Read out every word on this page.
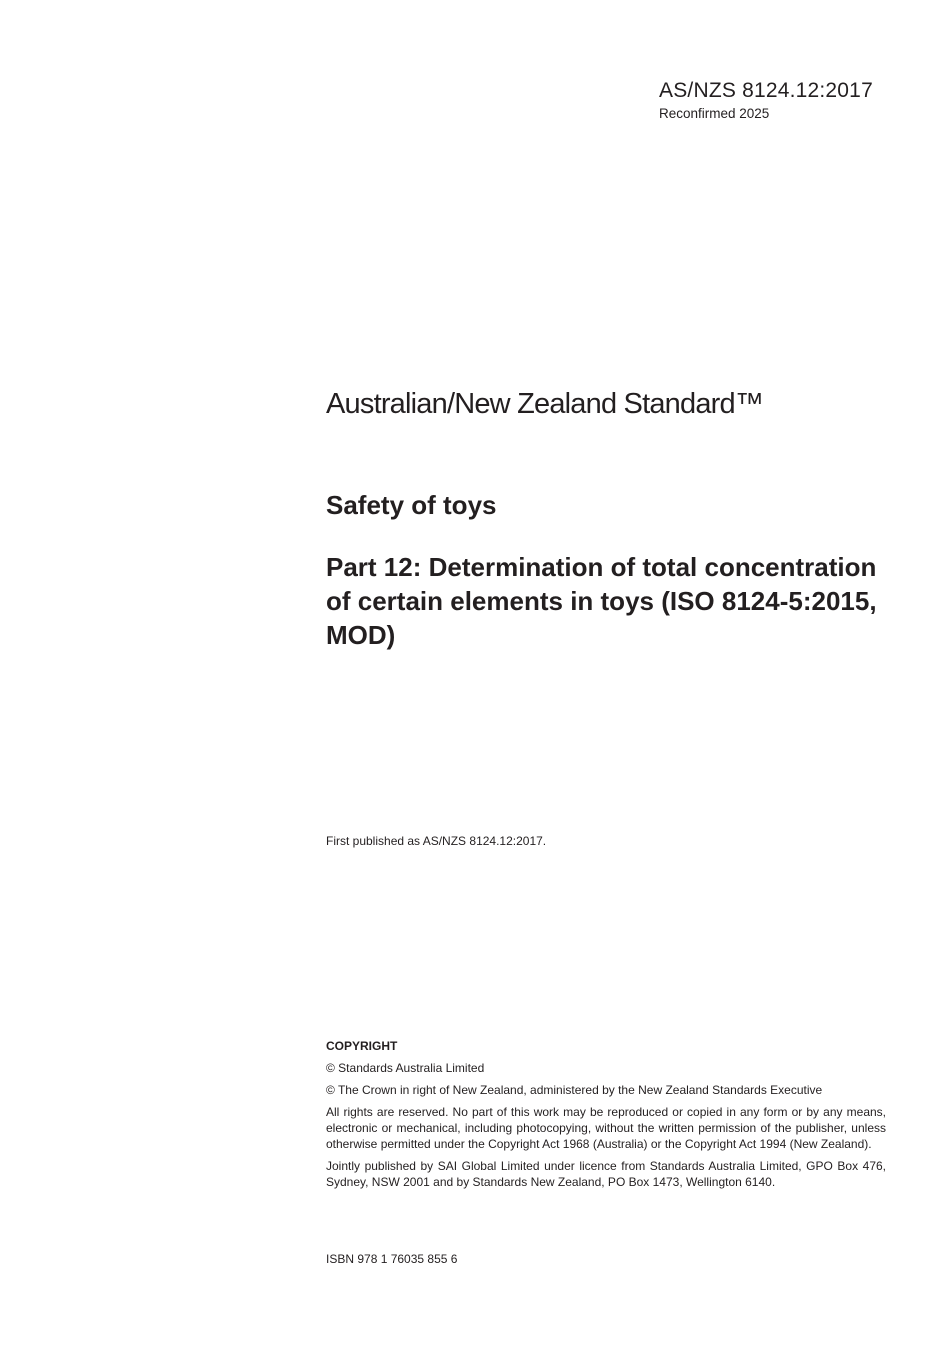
AS/NZS 8124.12:2017
Reconfirmed 2025
Australian/New Zealand Standard™
Safety of toys
Part 12: Determination of total concentration of certain elements in toys (ISO 8124-5:2015, MOD)
First published as AS/NZS 8124.12:2017.
COPYRIGHT
© Standards Australia Limited
© The Crown in right of New Zealand, administered by the New Zealand Standards Executive
All rights are reserved. No part of this work may be reproduced or copied in any form or by any means, electronic or mechanical, including photocopying, without the written permission of the publisher, unless otherwise permitted under the Copyright Act 1968 (Australia) or the Copyright Act 1994 (New Zealand).
Jointly published by SAI Global Limited under licence from Standards Australia Limited, GPO Box 476, Sydney, NSW 2001 and by Standards New Zealand, PO Box 1473, Wellington 6140.
ISBN 978 1 76035 855 6
